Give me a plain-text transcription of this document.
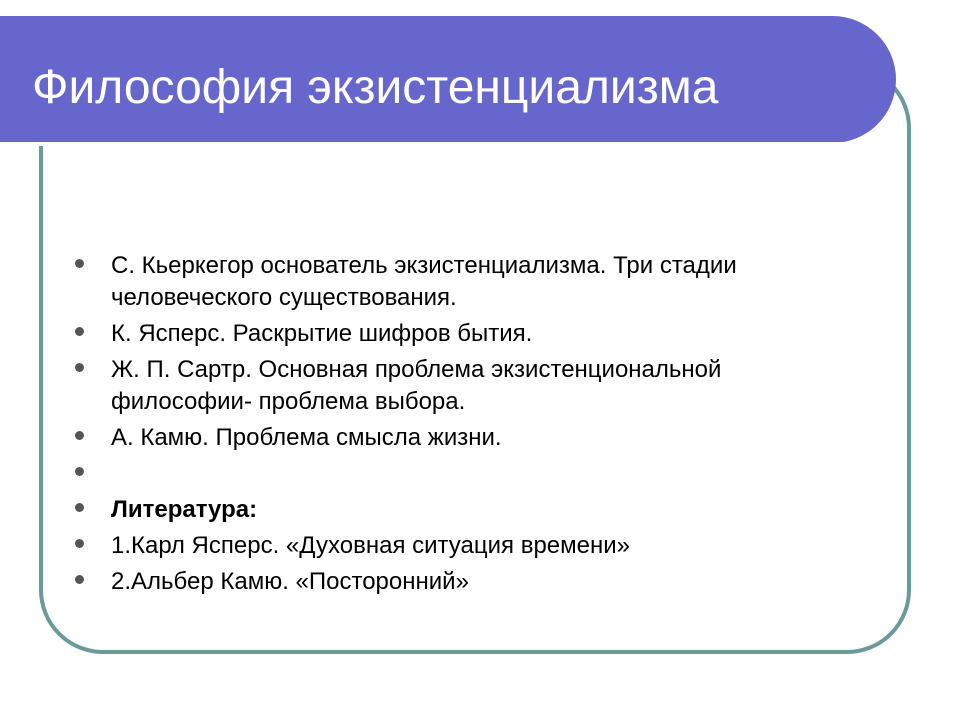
Философия экзистенциализма
С. Кьеркегор основатель экзистенциализма. Три стадии человеческого существования.
К. Ясперс. Раскрытие шифров бытия.
Ж. П. Сартр. Основная проблема экзистенциональной философии- проблема выбора.
А. Камю. Проблема смысла жизни.
Литература:
1.Карл Ясперс. «Духовная ситуация времени»
2.Альбер Камю. «Посторонний»
